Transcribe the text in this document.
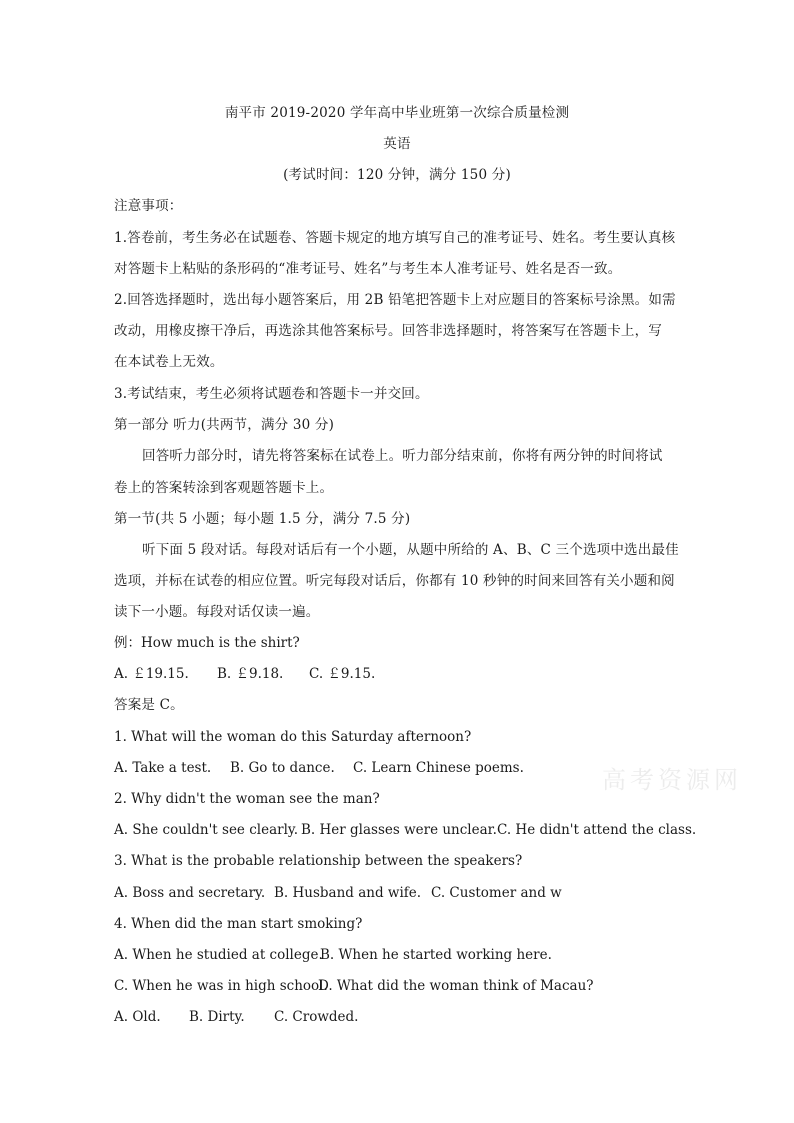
南平市 2019-2020 学年高中毕业班第一次综合质量检测
英语
(考试时间：120 分钟，满分 150 分)
注意事项：
1.答卷前，考生务必在试题卷、答题卡规定的地方填写自己的准考证号、姓名。考生要认真核
对答题卡上粘贴的条形码的“准考证号、姓名”与考生本人准考证号、姓名是否一致。
2.回答选择题时，选出每小题答案后，用 2B 铅笔把答题卡上对应题目的答案标号涂黑。如需
改动，用橡皮擦干净后，再选涂其他答案标号。回答非选择题时，将答案写在答题卡上，写
在本试卷上无效。
3.考试结束，考生必须将试题卷和答题卡一并交回。
第一部分 听力(共两节，满分 30 分)
回答听力部分时，请先将答案标在试卷上。听力部分结束前，你将有两分钟的时间将试
卷上的答案转涂到客观题答题卡上。
第一节(共 5 小题；每小题 1.5 分，满分 7.5 分)
听下面 5 段对话。每段对话后有一个小题，从题中所给的 A、B、C 三个选项中选出最佳
选项，并标在试卷的相应位置。听完每段对话后，你都有 10 秒钟的时间来回答有关小题和阅
读下一小题。每段对话仅读一遍。
例：How much is the shirt?
A. ￡19.15. B. ￡9.18. C. ￡9.15.
答案是 C。
1. What will the woman do this Saturday afternoon?
A. Take a test. B. Go to dance. C. Learn Chinese poems.
2. Why didn't the woman see the man?
A. She couldn't see clearly. B. Her glasses were unclear. C. He didn't attend the class.
3. What is the probable relationship between the speakers?
A. Boss and secretary. B. Husband and wife. C. Customer and w
4. When did the man start smoking?
A. When he studied at college.
B. When he started working here.
C. When he was in high school.
D. What did the woman think of Macau?
A. Old. B. Dirty. C. Crowded.
高考资源网
